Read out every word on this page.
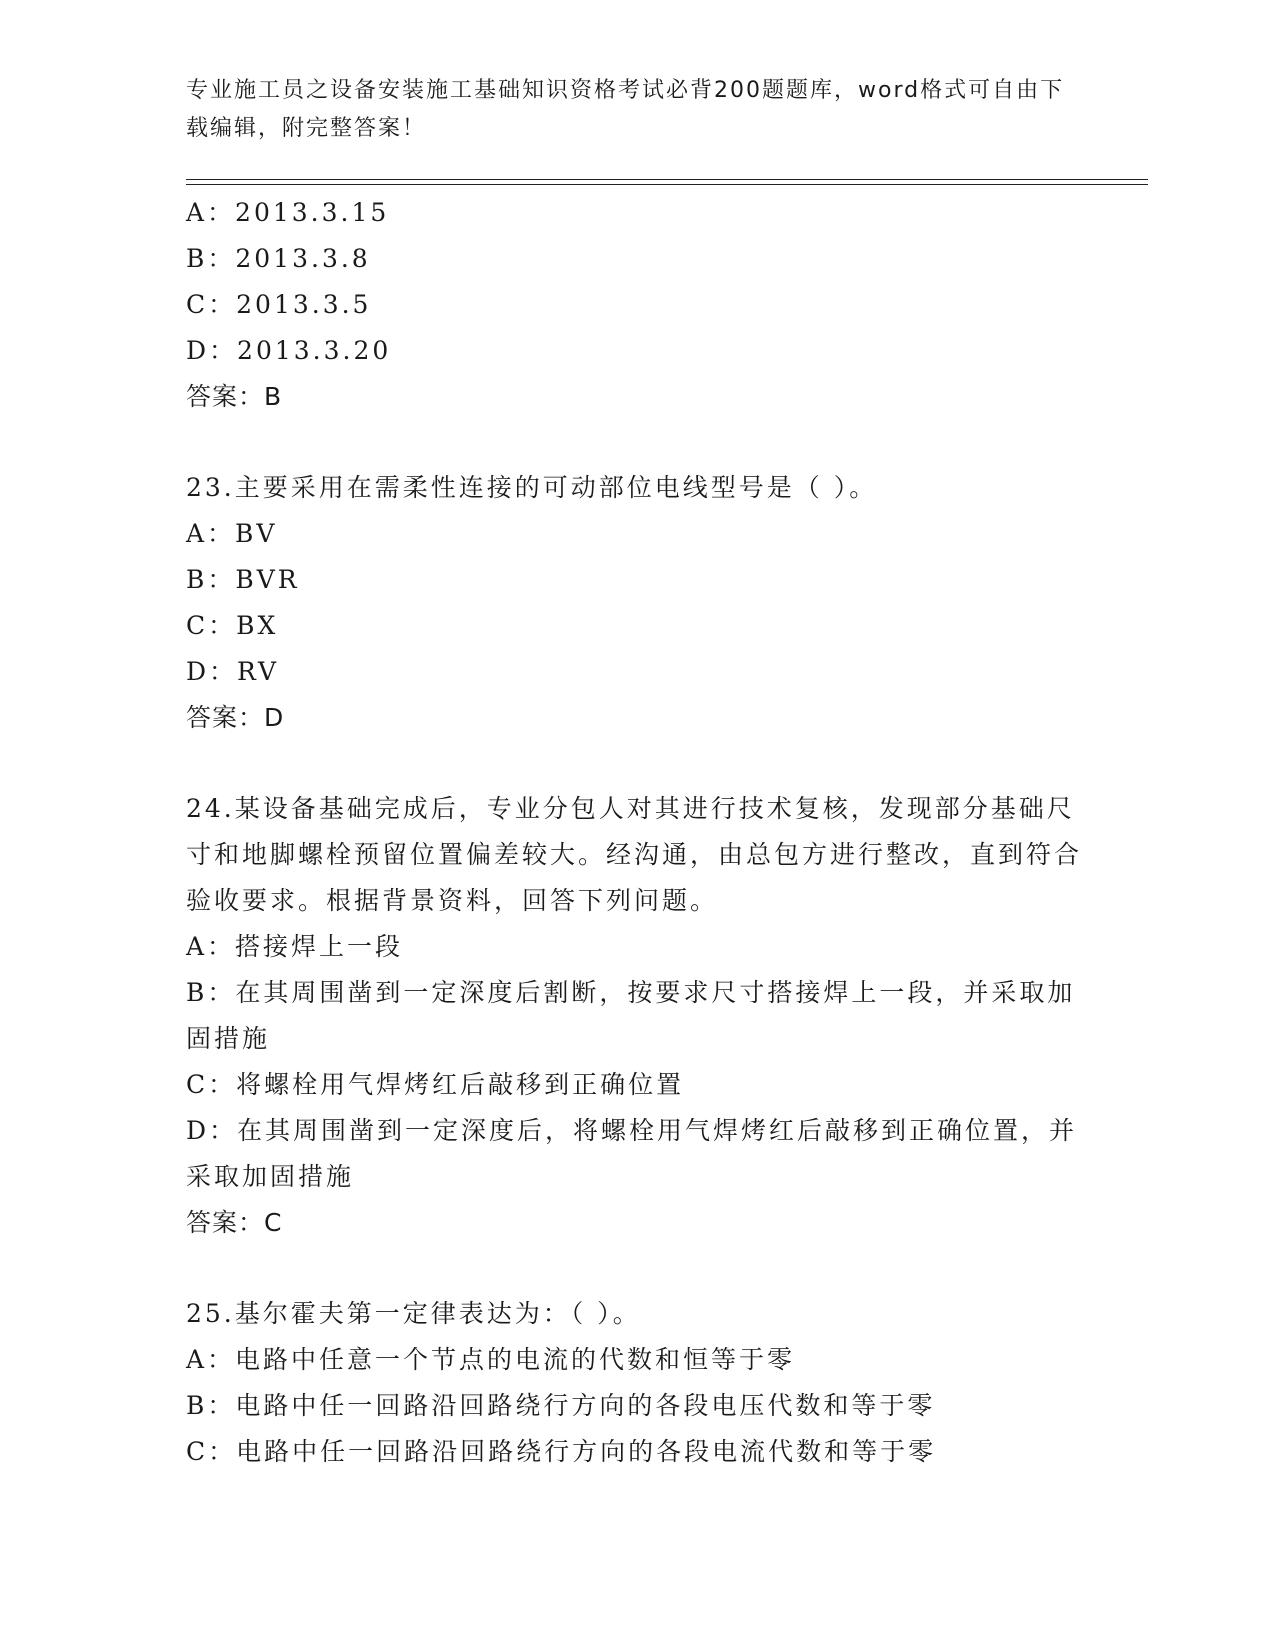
专业施工员之设备安装施工基础知识资格考试必背200题题库，word格式可自由下载编辑，附完整答案！
A：2013.3.15
B：2013.3.8
C：2013.3.5
D：2013.3.20
答案：B
23.主要采用在需柔性连接的可动部位电线型号是（ ）。
A：BV
B：BVR
C：BX
D：RV
答案：D
24.某设备基础完成后，专业分包人对其进行技术复核，发现部分基础尺寸和地脚螺栓预留位置偏差较大。经沟通，由总包方进行整改，直到符合验收要求。根据背景资料，回答下列问题。
A：搭接焊上一段
B：在其周围凿到一定深度后割断，按要求尺寸搭接焊上一段，并采取加固措施
C：将螺栓用气焊烤红后敲移到正确位置
D：在其周围凿到一定深度后，将螺栓用气焊烤红后敲移到正确位置，并采取加固措施
答案：C
25.基尔霍夫第一定律表达为：（ ）。
A：电路中任意一个节点的电流的代数和恒等于零
B：电路中任一回路沿回路绕行方向的各段电压代数和等于零
C：电路中任一回路沿回路绕行方向的各段电流代数和等于零
